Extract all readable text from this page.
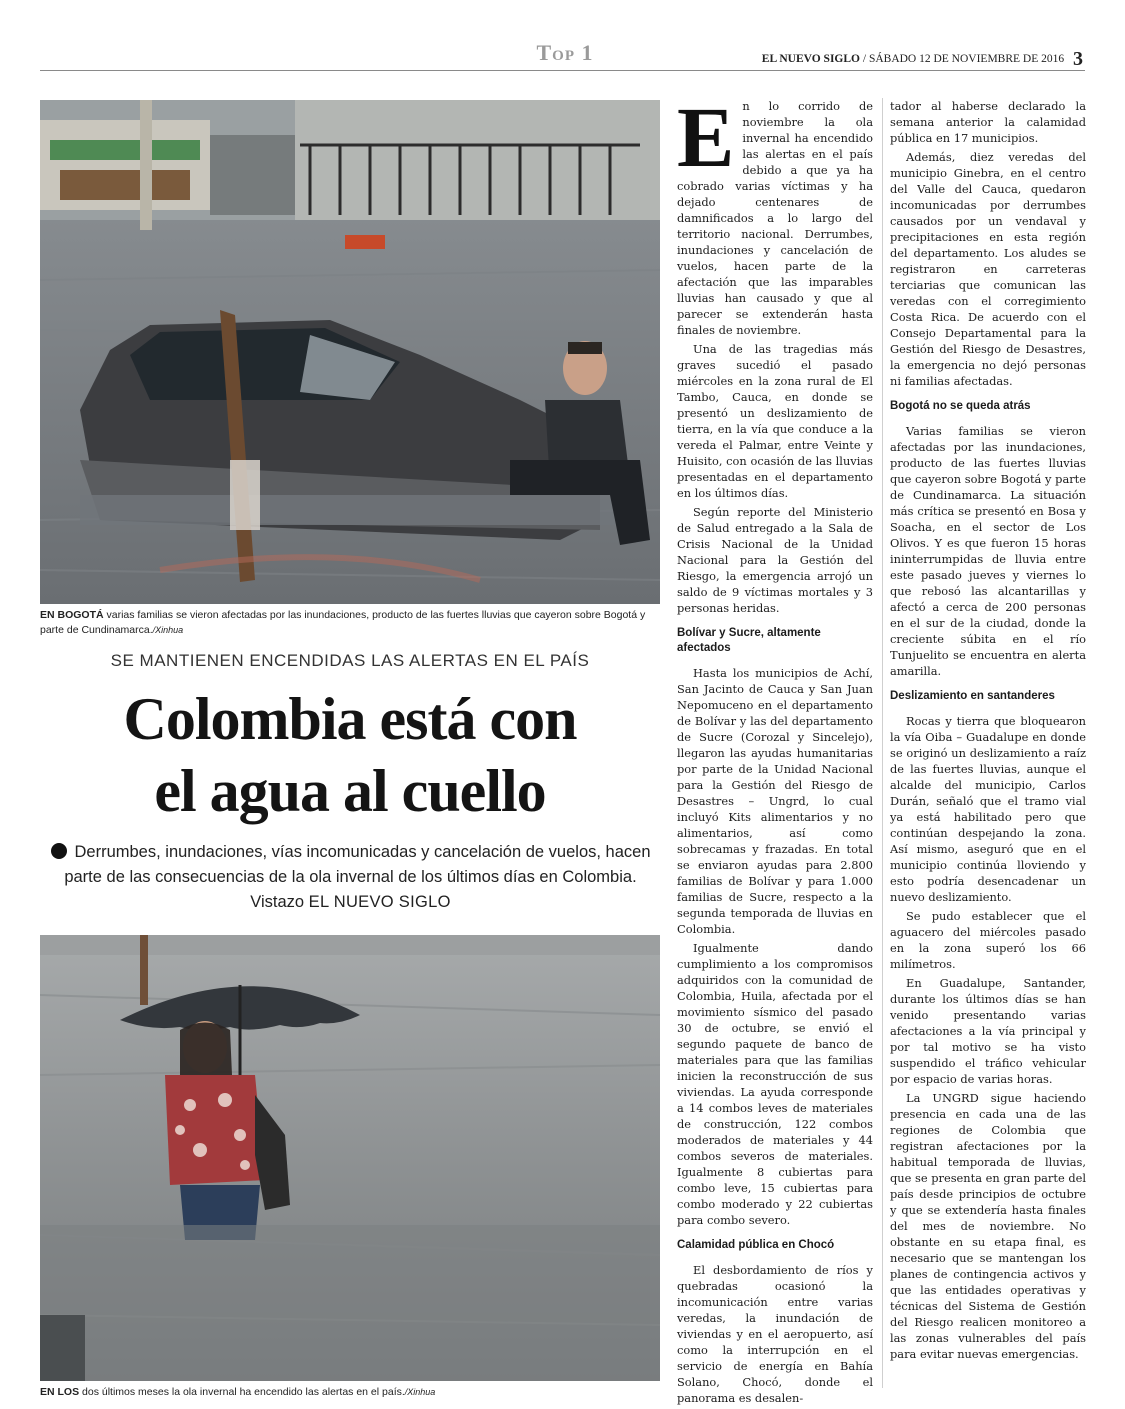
Top 1	EL NUEVO SIGLO / SÁBADO 12 DE NOVIEMBRE DE 2016 3
EN BOGOTÁ varias familias se vieron afectadas por las inundaciones, producto de las fuertes lluvias que cayeron sobre Bogotá y parte de Cundinamarca./Xinhua
SE MANTIENEN ENCENDIDAS LAS ALERTAS EN EL PAÍS
Colombia está con
el agua al cuello
Derrumbes, inundaciones, vías incomunicadas y cancelación de vuelos, hacen parte de las consecuencias de la ola invernal de los últimos días en Colombia. Vistazo EL NUEVO SIGLO
EN LOS dos últimos meses la ola invernal ha encendido las alertas en el país./Xinhua

En lo corrido de noviembre la ola invernal ha encendido las alertas en el país debido a que ya ha cobrado varias víctimas y ha dejado centenares de damnificados a lo largo del territorio nacional. Derrumbes, inundaciones y cancelación de vuelos, hacen parte de la afectación que las imparables lluvias han causado y que al parecer se extenderán hasta finales de noviembre.

Una de las tragedias más graves sucedió el pasado miércoles en la zona rural de El Tambo, Cauca, en donde se presentó un deslizamiento de tierra, en la vía que conduce a la vereda el Palmar, entre Veinte y Huisito, con ocasión de las lluvias presentadas en el departamento en los últimos días.

Según reporte del Ministerio de Salud entregado a la Sala de Crisis Nacional de la Unidad Nacional para la Gestión del Riesgo, la emergencia arrojó un saldo de 9 víctimas mortales y 3 personas heridas.

Bolívar y Sucre, altamente afectados

Hasta los municipios de Achí, San Jacinto de Cauca y San Juan Nepomuceno en el departamento de Bolívar y las del departamento de Sucre (Corozal y Sincelejo), llegaron las ayudas humanitarias por parte de la Unidad Nacional para la Gestión del Riesgo de Desastres – Ungrd, lo cual incluyó Kits alimentarios y no alimentarios, así como sobrecamas y frazadas. En total se enviaron ayudas para 2.800 familias de Bolívar y para 1.000 familias de Sucre, respecto a la segunda temporada de lluvias en Colombia.

Igualmente dando cumplimiento a los compromisos adquiridos con la comunidad de Colombia, Huila, afectada por el movimiento sísmico del pasado 30 de octubre, se envió el segundo paquete de banco de materiales para que las familias inicien la reconstrucción de sus viviendas. La ayuda corresponde a 14 combos leves de materiales de construcción, 122 combos moderados de materiales y 44 combos severos de materiales. Igualmente 8 cubiertas para combo leve, 15 cubiertas para combo moderado y 22 cubiertas para combo severo.

Calamidad pública en Chocó

El desbordamiento de ríos y quebradas ocasionó la incomunicación entre varias veredas, la inundación de viviendas y en el aeropuerto, así como la interrupción en el servicio de energía en Bahía Solano, Chocó, donde el panorama es desalen-

tador al haberse declarado la semana anterior la calamidad pública en 17 municipios.

Además, diez veredas del municipio Ginebra, en el centro del Valle del Cauca, quedaron incomunicadas por derrumbes causados por un vendaval y precipitaciones en esta región del departamento. Los aludes se registraron en carreteras terciarias que comunican las veredas con el corregimiento Costa Rica. De acuerdo con el Consejo Departamental para la Gestión del Riesgo de Desastres, la emergencia no dejó personas ni familias afectadas.

Bogotá no se queda atrás

Varias familias se vieron afectadas por las inundaciones, producto de las fuertes lluvias que cayeron sobre Bogotá y parte de Cundinamarca. La situación más crítica se presentó en Bosa y Soacha, en el sector de Los Olivos. Y es que fueron 15 horas ininterrumpidas de lluvia entre este pasado jueves y viernes lo que rebosó las alcantarillas y afectó a cerca de 200 personas en el sur de la ciudad, donde la creciente súbita en el río Tunjuelito se encuentra en alerta amarilla.

Deslizamiento en santanderes

Rocas y tierra que bloquearon la vía Oiba – Guadalupe en donde se originó un deslizamiento a raíz de las fuertes lluvias, aunque el alcalde del municipio, Carlos Durán, señaló que el tramo vial ya está habilitado pero que continúan despejando la zona. Así mismo, aseguró que en el municipio continúa lloviendo y esto podría desencadenar un nuevo deslizamiento.

Se pudo establecer que el aguacero del miércoles pasado en la zona superó los 66 milímetros.

En Guadalupe, Santander, durante los últimos días se han venido presentando varias afectaciones a la vía principal y por tal motivo se ha visto suspendido el tráfico vehicular por espacio de varias horas.

La UNGRD sigue haciendo presencia en cada una de las regiones de Colombia que registran afectaciones por la habitual temporada de lluvias, que se presenta en gran parte del país desde principios de octubre y que se extendería hasta finales del mes de noviembre. No obstante en su etapa final, es necesario que se mantengan los planes de contingencia activos y que las entidades operativas y técnicas del Sistema de Gestión del Riesgo realicen monitoreo a las zonas vulnerables del país para evitar nuevas emergencias.
